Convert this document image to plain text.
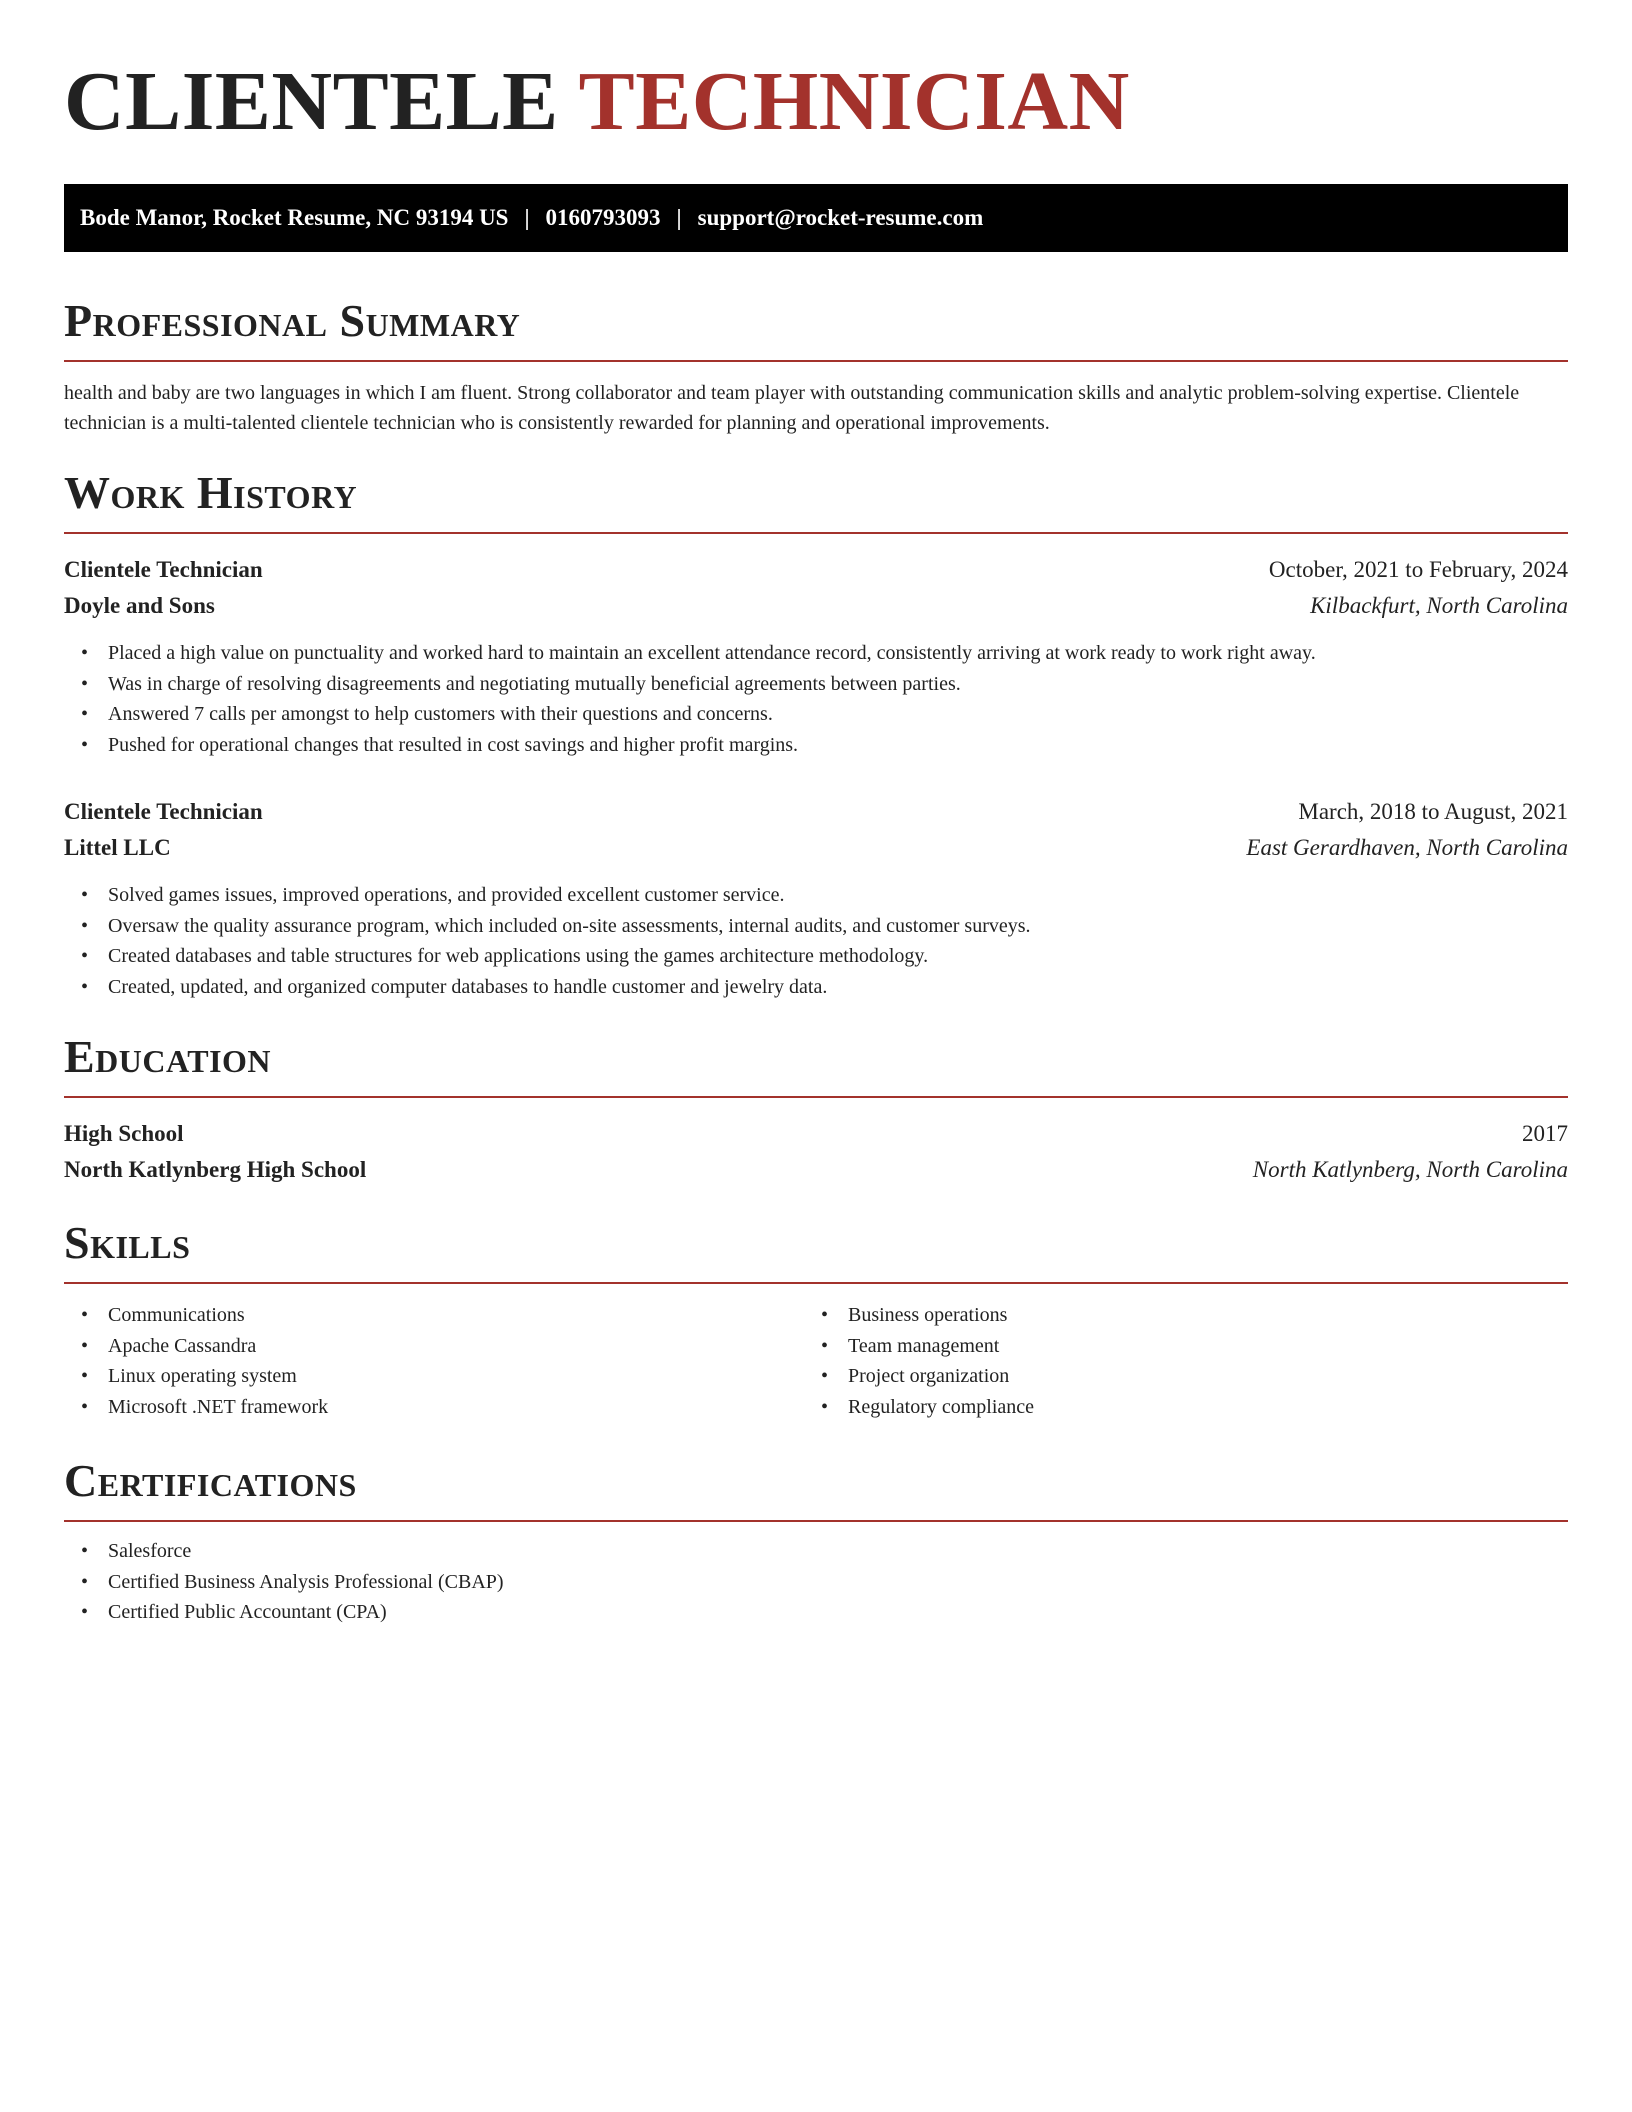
CLIENTELE TECHNICIAN
Bode Manor, Rocket Resume, NC 93194 US | 0160793093 | support@rocket-resume.com
Professional Summary

health and baby are two languages in which I am fluent. Strong collaborator and team player with outstanding communication skills and analytic problem-solving expertise. Clientele technician is a multi-talented clientele technician who is consistently rewarded for planning and operational improvements.

Work History
Clientele Technician	October, 2021 to February, 2024
Doyle and Sons	Kilbackfurt, North Carolina
• Placed a high value on punctuality and worked hard to maintain an excellent attendance record, consistently arriving at work ready to work right away.
• Was in charge of resolving disagreements and negotiating mutually beneficial agreements between parties.
• Answered 7 calls per amongst to help customers with their questions and concerns.
• Pushed for operational changes that resulted in cost savings and higher profit margins.
Clientele Technician	March, 2018 to August, 2021
Littel LLC	East Gerardhaven, North Carolina
• Solved games issues, improved operations, and provided excellent customer service.
• Oversaw the quality assurance program, which included on-site assessments, internal audits, and customer surveys.
• Created databases and table structures for web applications using the games architecture methodology.
• Created, updated, and organized computer databases to handle customer and jewelry data.
Education
High School	2017
North Katlynberg High School	North Katlynberg, North Carolina
Skills
• Communications
• Apache Cassandra
• Linux operating system
• Microsoft .NET framework
• Business operations
• Team management
• Project organization
• Regulatory compliance
Certifications
• Salesforce
• Certified Business Analysis Professional (CBAP)
• Certified Public Accountant (CPA)
